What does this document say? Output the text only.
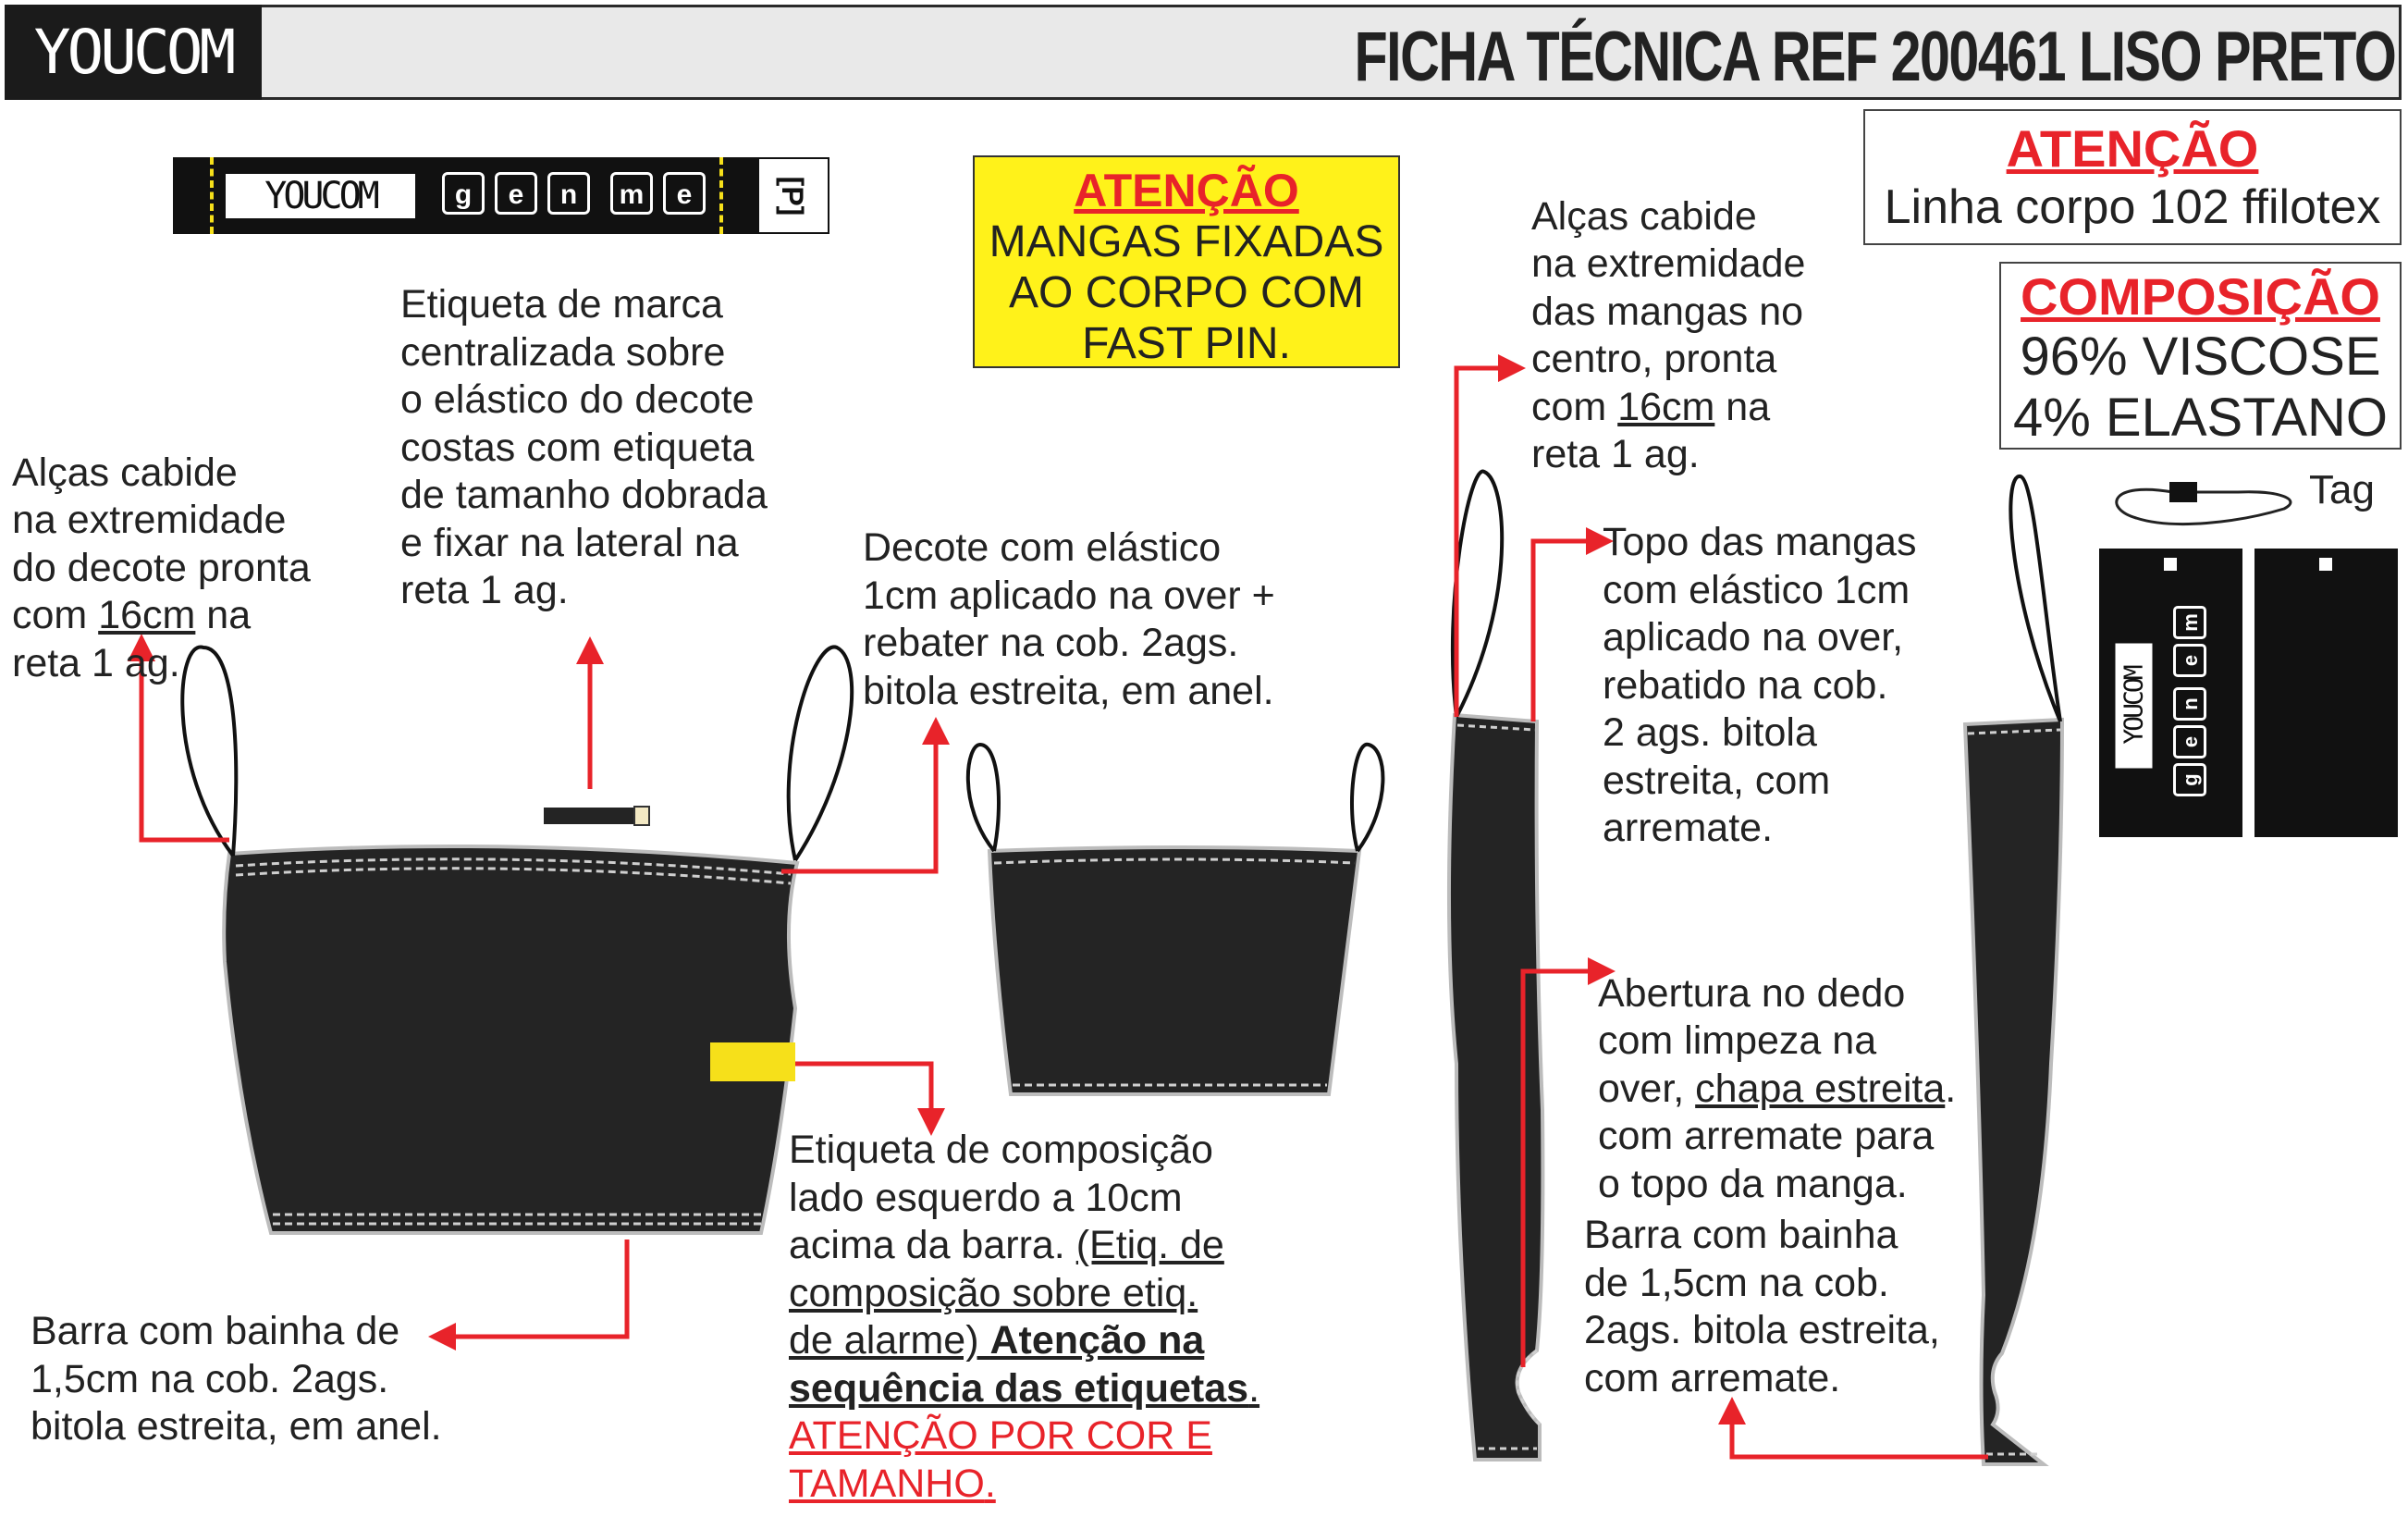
YOUCOM	FICHA TÉCNICA REF 200461 LISO PRETO
YOUCOM	g	e	n	m	e	[P]	ATENÇÃO
MANGAS FIXADAS
AO CORPO COM
FAST PIN.
ATENÇÃO
Linha corpo 102 ffilotex
COMPOSIÇÃO
96% VISCOSE
4% ELASTANO
Tag
YOUCOM
m
e
n
e
g

Alças cabide
na extremidade
do decote pronta
com 16cm na
reta 1 ag.

Etiqueta de marca
centralizada sobre
o elástico do decote
costas com etiqueta
de tamanho dobrada
e fixar na lateral na
reta 1 ag.
Decote com elástico
1cm aplicado na over +
rebater na cob. 2ags.
bitola estreita, em anel.

Alças cabide
na extremidade
das mangas no
centro, pronta
com 16cm na
reta 1 ag.

Topo das mangas
com elástico 1cm
aplicado na over,
rebatido na cob.
2 ags. bitola
estreita, com
arremate.

Abertura no dedo
com limpeza na
over, chapa estreita.
com arremate para
o topo da manga.

Barra com bainha
de 1,5cm na cob.
2ags. bitola estreita,
com arremate.
Barra com bainha de
1,5cm na cob. 2ags.
bitola estreita, em anel.
Etiqueta de composição
lado esquerdo a 10cm
acima da barra. (Etiq. de
composição sobre etiq.
de alarme) Atenção na
sequência das etiquetas.
ATENÇÃO POR COR E
TAMANHO.
